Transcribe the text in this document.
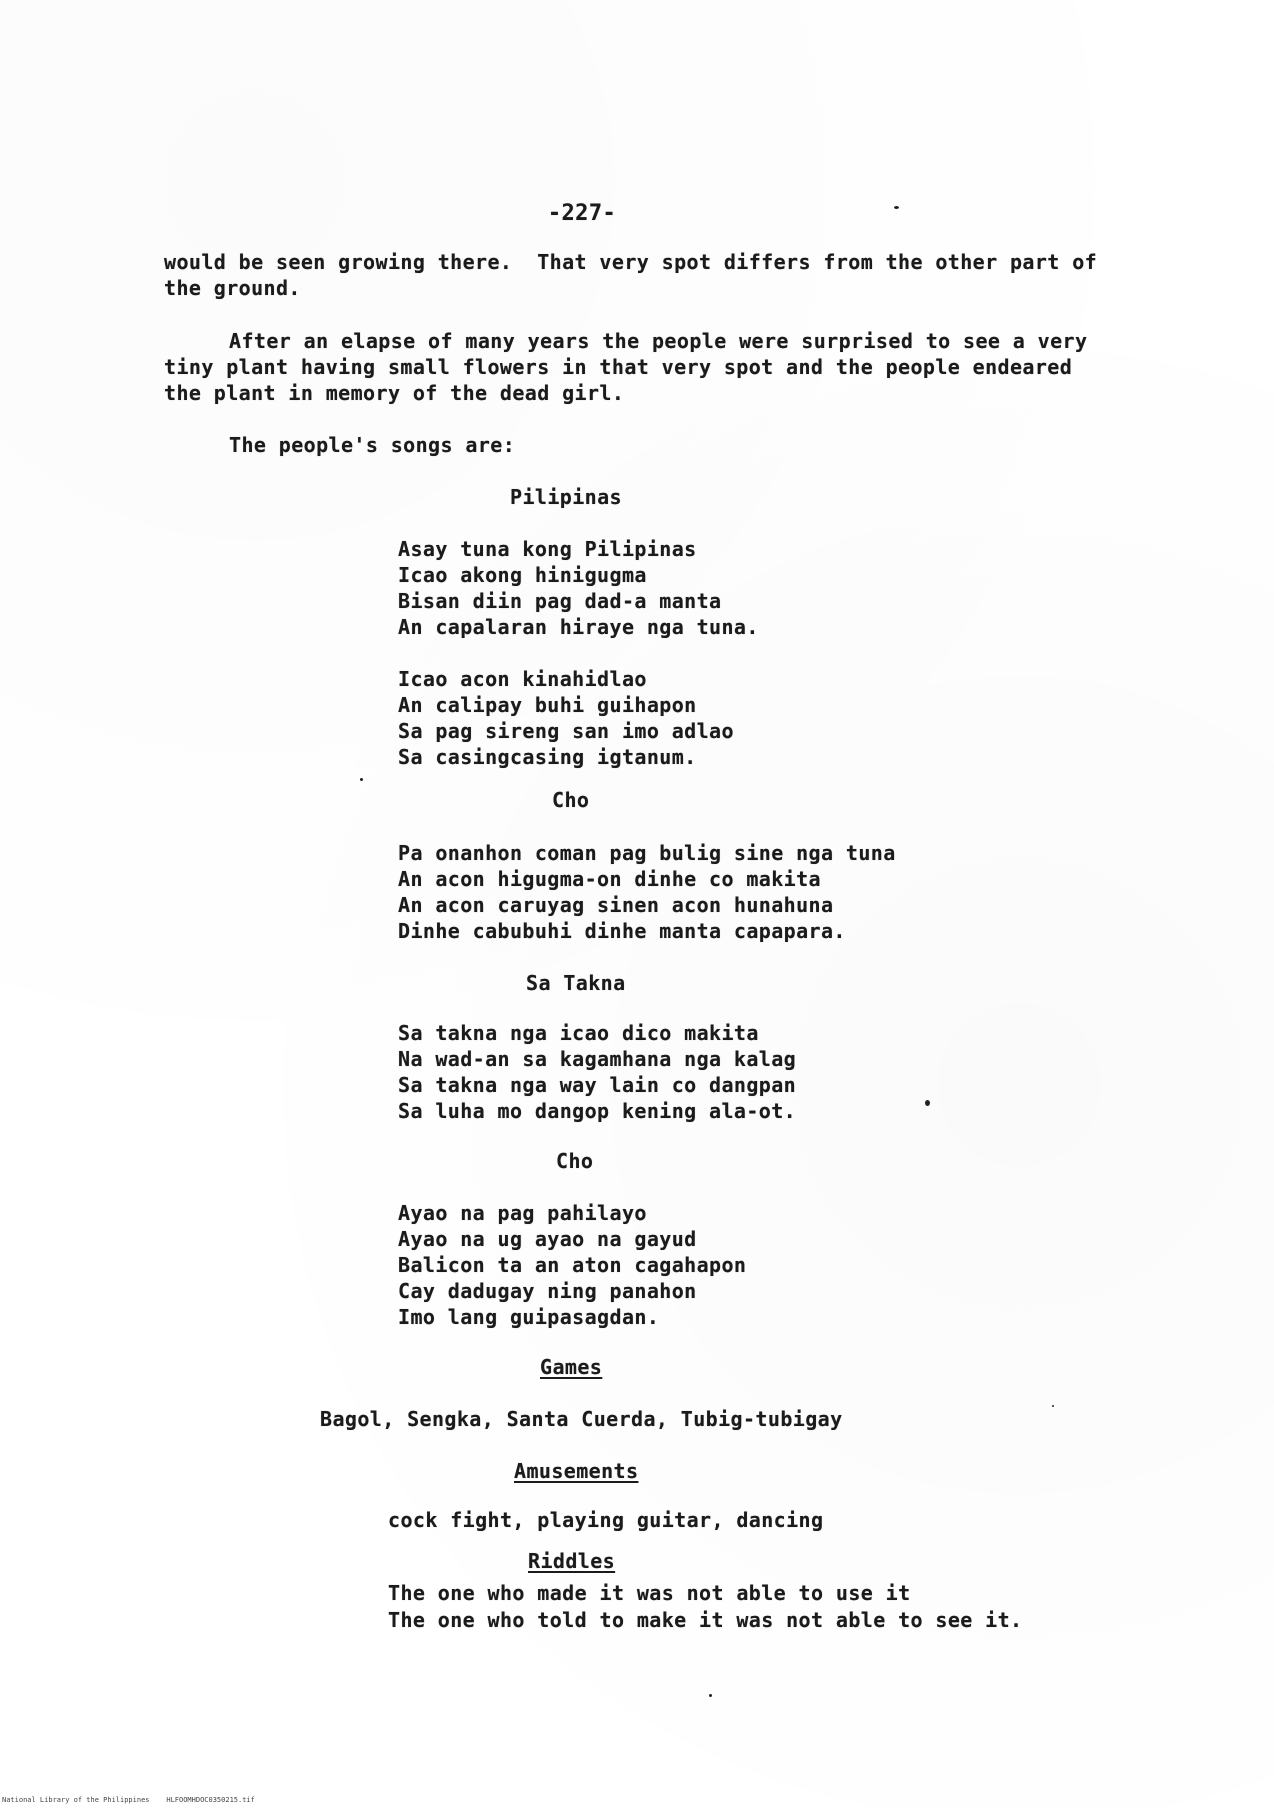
-227-
would be seen growing there.  That very spot differs from the other part of
the ground.
After an elapse of many years the people were surprised to see a very
tiny plant having small flowers in that very spot and the people endeared
the plant in memory of the dead girl.
The people's songs are:
Pilipinas
Asay tuna kong Pilipinas
Icao akong hinigugma
Bisan diin pag dad-a manta
An capalaran hiraye nga tuna.
Icao acon kinahidlao
An calipay buhi guihapon
Sa pag sireng san imo adlao
Sa casingcasing igtanum.
Cho
Pa onanhon coman pag bulig sine nga tuna
An acon higugma-on dinhe co makita
An acon caruyag sinen acon hunahuna
Dinhe cabubuhi dinhe manta capapara.
Sa Takna
Sa takna nga icao dico makita
Na wad-an sa kagamhana nga kalag
Sa takna nga way lain co dangpan
Sa luha mo dangop kening ala-ot.
Cho
Ayao na pag pahilayo
Ayao na ug ayao na gayud
Balicon ta an aton cagahapon
Cay dadugay ning panahon
Imo lang guipasagdan.
Games
Bagol, Sengka, Santa Cuerda, Tubig-tubigay
Amusements
cock fight, playing guitar, dancing
Riddles
The one who made it was not able to use it
The one who told to make it was not able to see it.
National Library of the Philippines    HLFOOMHDOC0350215.tif
